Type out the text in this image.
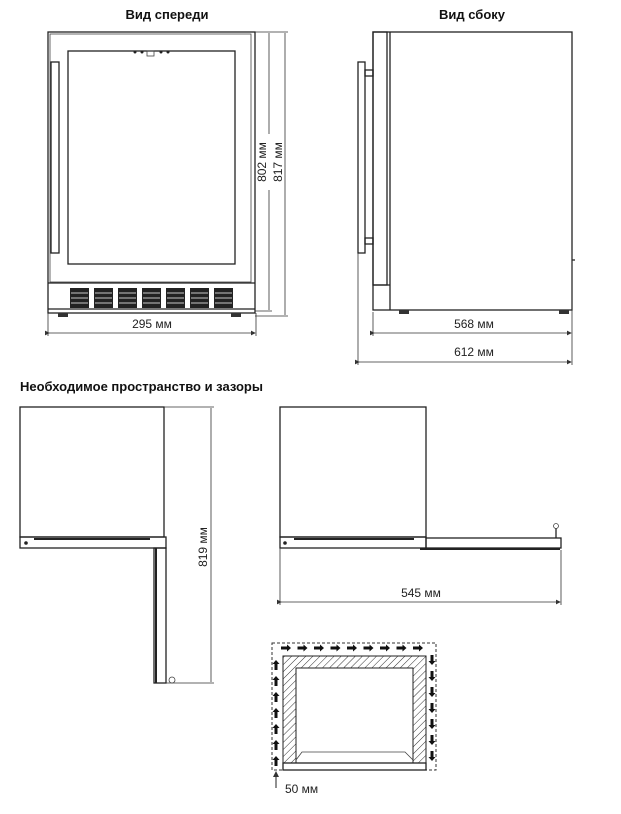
Вид спереди
295 мм
802 мм 817 мм
Вид сбоку
568 мм
612 мм
Необходимое пространство и зазоры
819 мм
545 мм
50 мм
